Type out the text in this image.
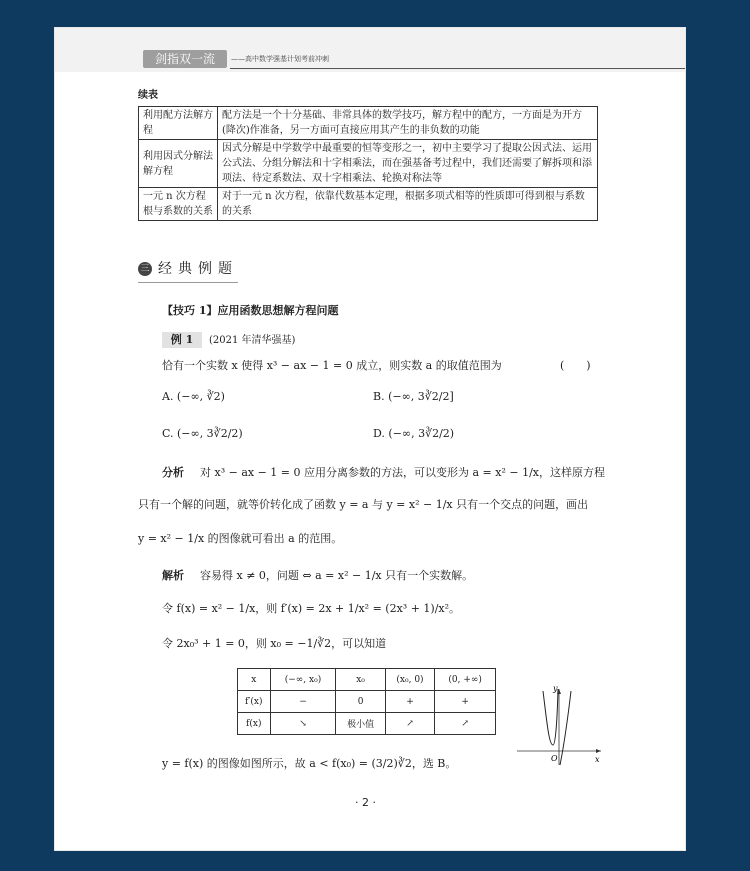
剑指双一流	——高中数学强基计划考前冲刺
续表
利用配方法解方程	配方法是一个十分基础、非常具体的数学技巧，解方程中的配方，一方面是为开方(降次)作准备，另一方面可直接应用其产生的非负数的功能
利用因式分解法解方程	因式分解是中学数学中最重要的恒等变形之一，初中主要学习了提取公因式法、运用公式法、分组分解法和十字相乘法，而在强基备考过程中，我们还需要了解拆项和添项法、待定系数法、双十字相乘法、轮换对称法等
一元 n 次方程根与系数的关系	对于一元 n 次方程，依靠代数基本定理，根据多项式相等的性质即可得到根与系数的关系
三 经典例题
【技巧 1】应用函数思想解方程问题
例 1	(2021 年清华强基)
恰有一个实数 x 使得 x³ − ax − 1 = 0 成立，则实数 a 的取值范围为	(　　)
A. (−∞, ∛2)	B. (−∞, 3∛2/2]
C. (−∞, 3∛2/2)	D. (−∞, 3∛2/2)
分析 对 x³ − ax − 1 = 0 应用分离参数的方法，可以变形为 a = x² − 1/x，这样原方程
只有一个解的问题，就等价转化成了函数 y = a 与 y = x² − 1/x 只有一个交点的问题，画出
y = x² − 1/x 的图像就可看出 a 的范围。
解析 容易得 x ≠ 0，问题 ⇔ a = x² − 1/x 只有一个实数解。
令 f(x) = x² − 1/x，则 f′(x) = 2x + 1/x² = (2x³ + 1)/x²。
令 2x₀³ + 1 = 0，则 x₀ = −1/∛2，可以知道
x	(−∞, x₀)	x₀	(x₀, 0)	(0, +∞)
f′(x)	−	0	+	+
f(x)	↘	极小值	↗	↗
y
x
O
y = f(x) 的图像如图所示，故 a < f(x₀) = (3/2)∛2，选 B。
· 2 ·
